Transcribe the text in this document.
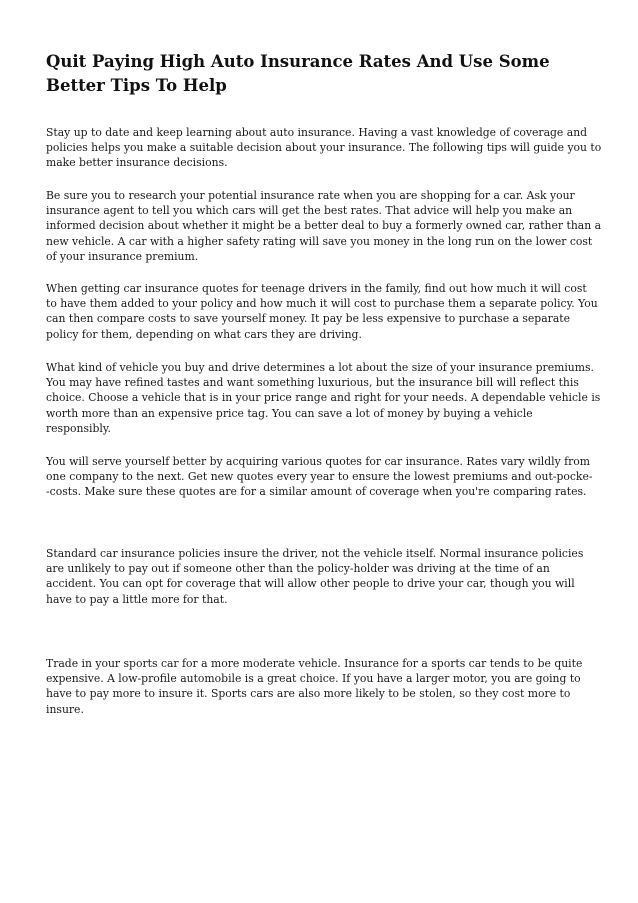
Quit Paying High Auto Insurance Rates And Use Some
Better Tips To Help

Stay up to date and keep learning about auto insurance. Having a vast knowledge of coverage and
policies helps you make a suitable decision about your insurance. The following tips will guide you to
make better insurance decisions.

Be sure you to research your potential insurance rate when you are shopping for a car. Ask your
insurance agent to tell you which cars will get the best rates. That advice will help you make an
informed decision about whether it might be a better deal to buy a formerly owned car, rather than a
new vehicle. A car with a higher safety rating will save you money in the long run on the lower cost
of your insurance premium.

When getting car insurance quotes for teenage drivers in the family, find out how much it will cost
to have them added to your policy and how much it will cost to purchase them a separate policy. You
can then compare costs to save yourself money. It pay be less expensive to purchase a separate
policy for them, depending on what cars they are driving.

What kind of vehicle you buy and drive determines a lot about the size of your insurance premiums.
You may have refined tastes and want something luxurious, but the insurance bill will reflect this
choice. Choose a vehicle that is in your price range and right for your needs. A dependable vehicle is
worth more than an expensive price tag. You can save a lot of money by buying a vehicle
responsibly.

You will serve yourself better by acquiring various quotes for car insurance. Rates vary wildly from
one company to the next. Get new quotes every year to ensure the lowest premiums and out-pocke-
-costs. Make sure these quotes are for a similar amount of coverage when you're comparing rates.

Standard car insurance policies insure the driver, not the vehicle itself. Normal insurance policies
are unlikely to pay out if someone other than the policy-holder was driving at the time of an
accident. You can opt for coverage that will allow other people to drive your car, though you will
have to pay a little more for that.

Trade in your sports car for a more moderate vehicle. Insurance for a sports car tends to be quite
expensive. A low-profile automobile is a great choice. If you have a larger motor, you are going to
have to pay more to insure it. Sports cars are also more likely to be stolen, so they cost more to
insure.
